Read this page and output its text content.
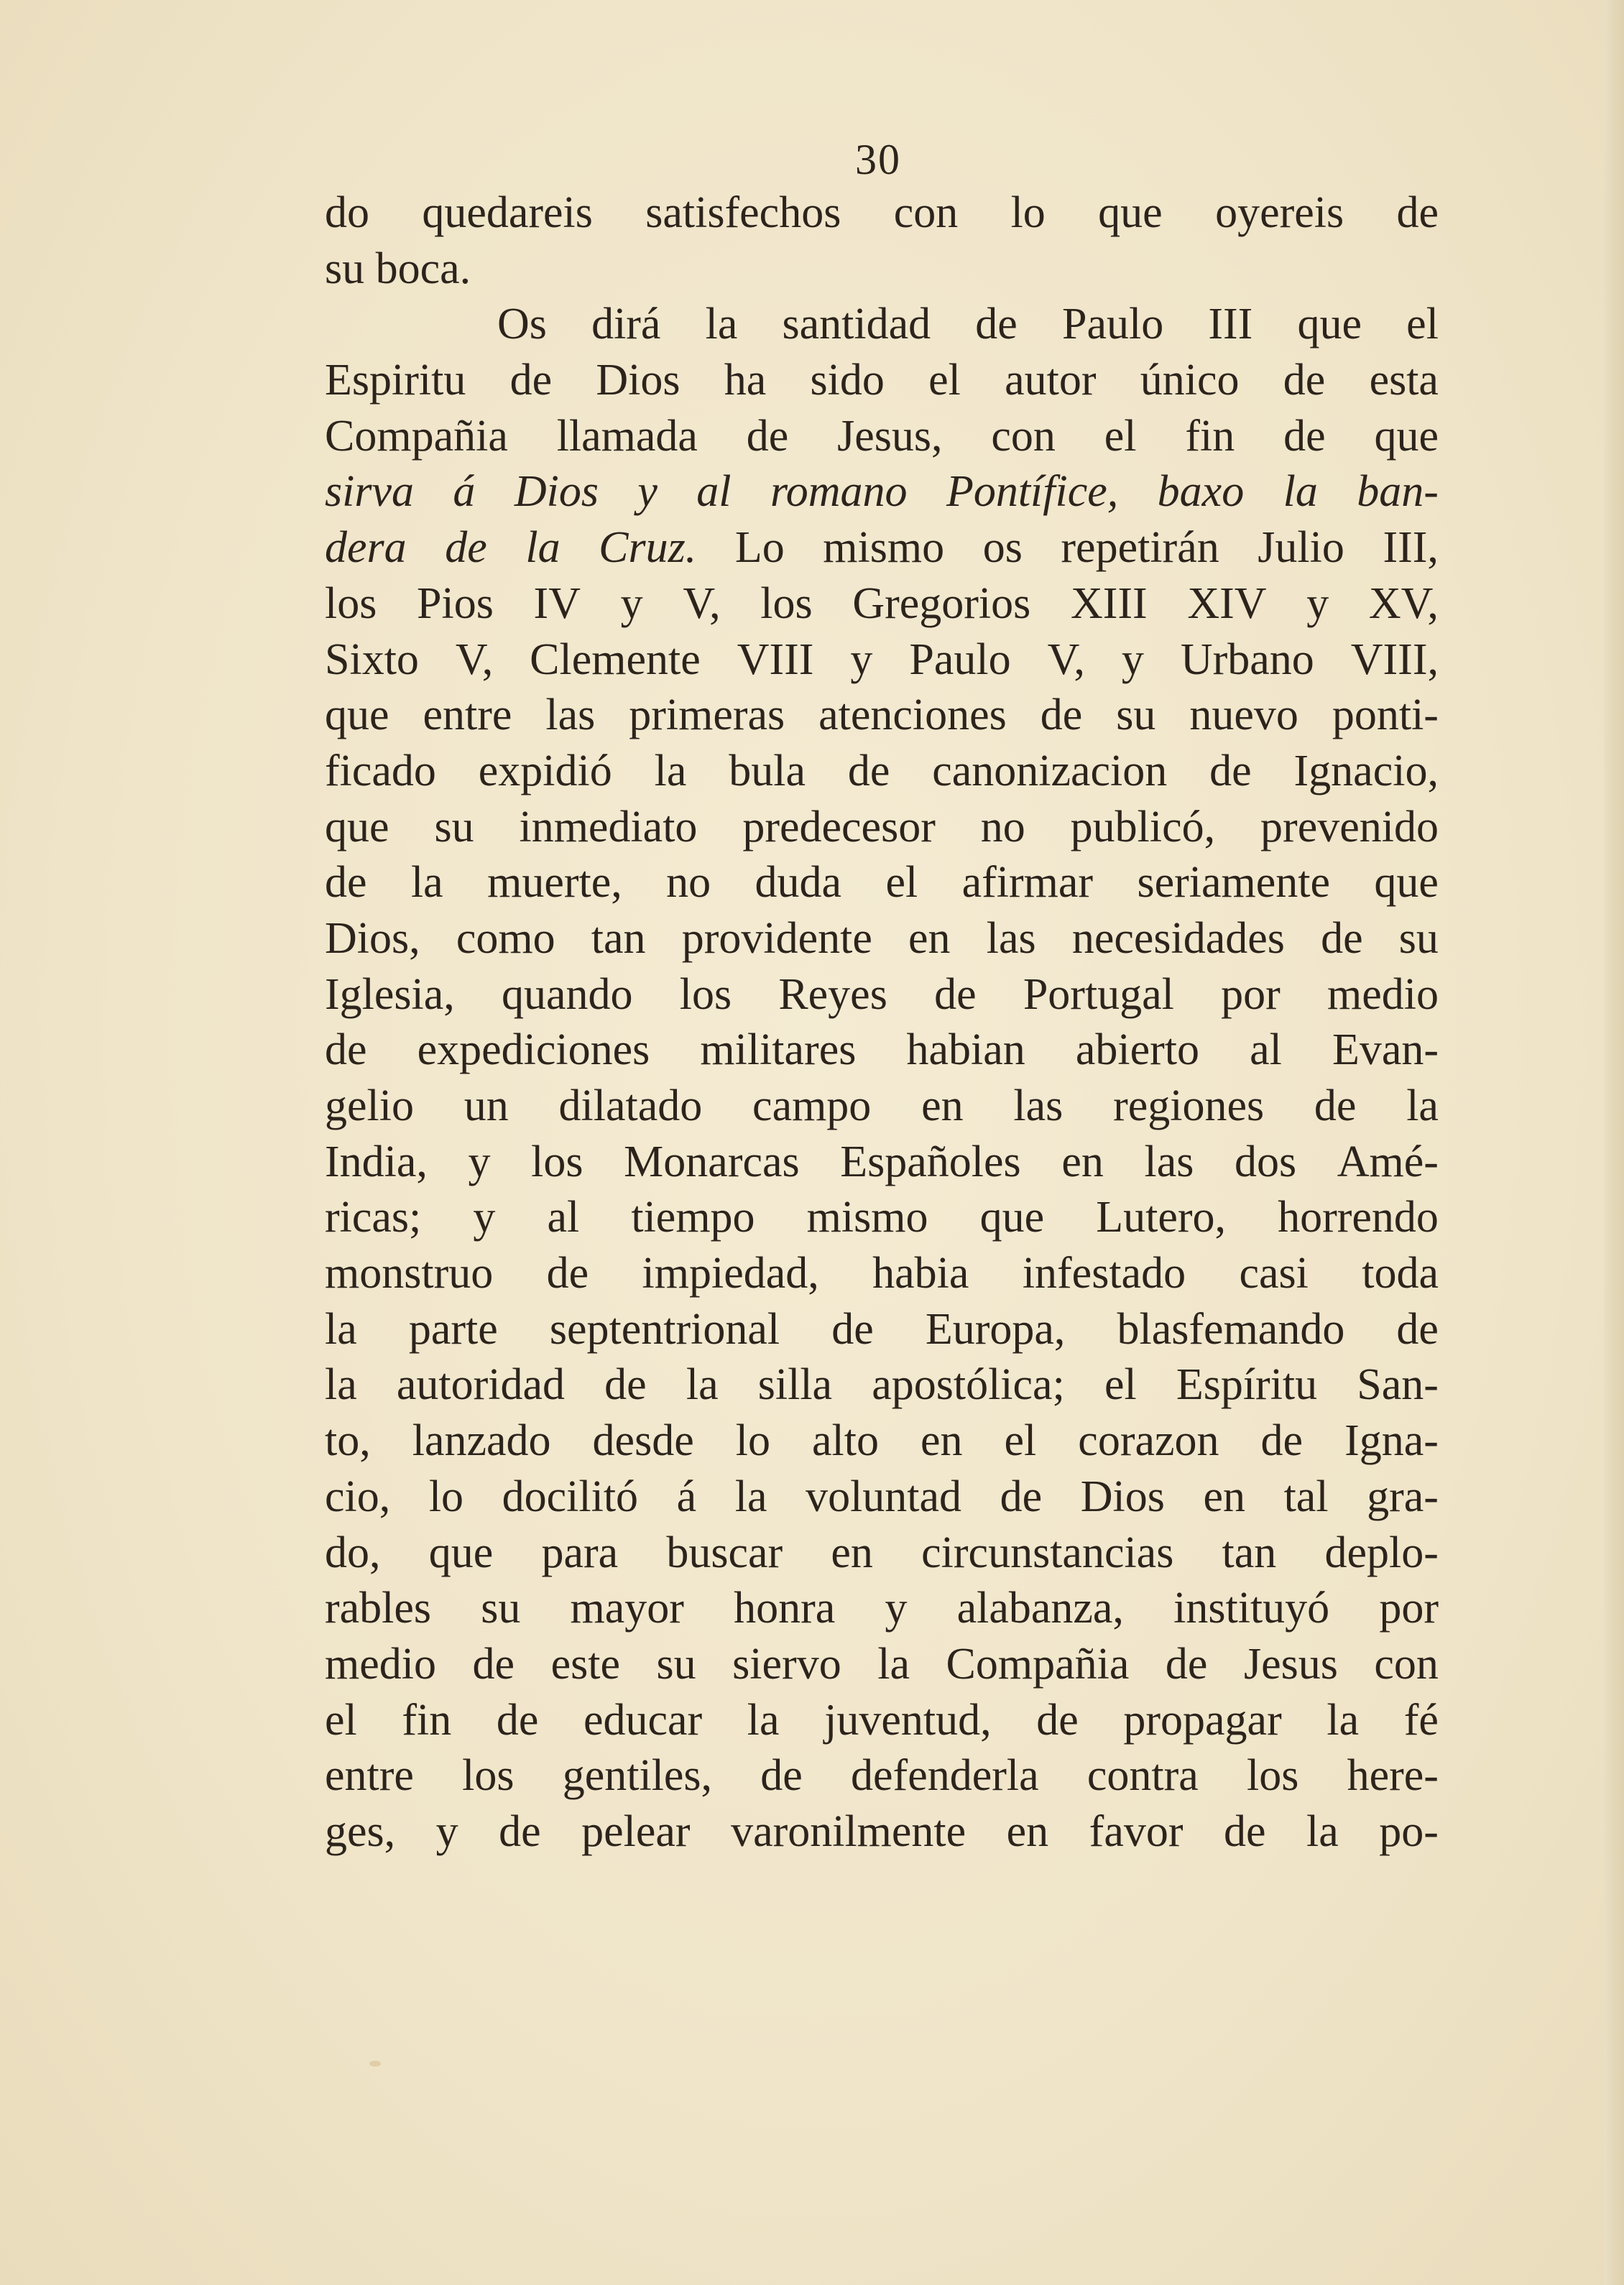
30
do quedareis satisfechos con lo que oyereis de
su boca.
Os dirá la santidad de Paulo III que el
Espiritu de Dios ha sido el autor único de esta
Compañia llamada de Jesus, con el fin de que
sirva á Dios y al romano Pontífice, baxo la ban-
dera de la Cruz. Lo mismo os repetirán Julio III,
los Pios IV y V, los Gregorios XIII XIV y XV,
Sixto V, Clemente VIII y Paulo V, y Urbano VIII,
que entre las primeras atenciones de su nuevo ponti-
ficado expidió la bula de canonizacion de Ignacio,
que su inmediato predecesor no publicó, prevenido
de la muerte, no duda el afirmar seriamente que
Dios, como tan providente en las necesidades de su
Iglesia, quando los Reyes de Portugal por medio
de expediciones militares habian abierto al Evan-
gelio un dilatado campo en las regiones de la
India, y los Monarcas Españoles en las dos Amé-
ricas; y al tiempo mismo que Lutero, horrendo
monstruo de impiedad, habia infestado casi toda
la parte septentrional de Europa, blasfemando de
la autoridad de la silla apostólica; el Espíritu San-
to, lanzado desde lo alto en el corazon de Igna-
cio, lo docilitó á la voluntad de Dios en tal gra-
do, que para buscar en circunstancias tan deplo-
rables su mayor honra y alabanza, instituyó por
medio de este su siervo la Compañia de Jesus con
el fin de educar la juventud, de propagar la fé
entre los gentiles, de defenderla contra los here-
ges, y de pelear varonilmente en favor de la po-
